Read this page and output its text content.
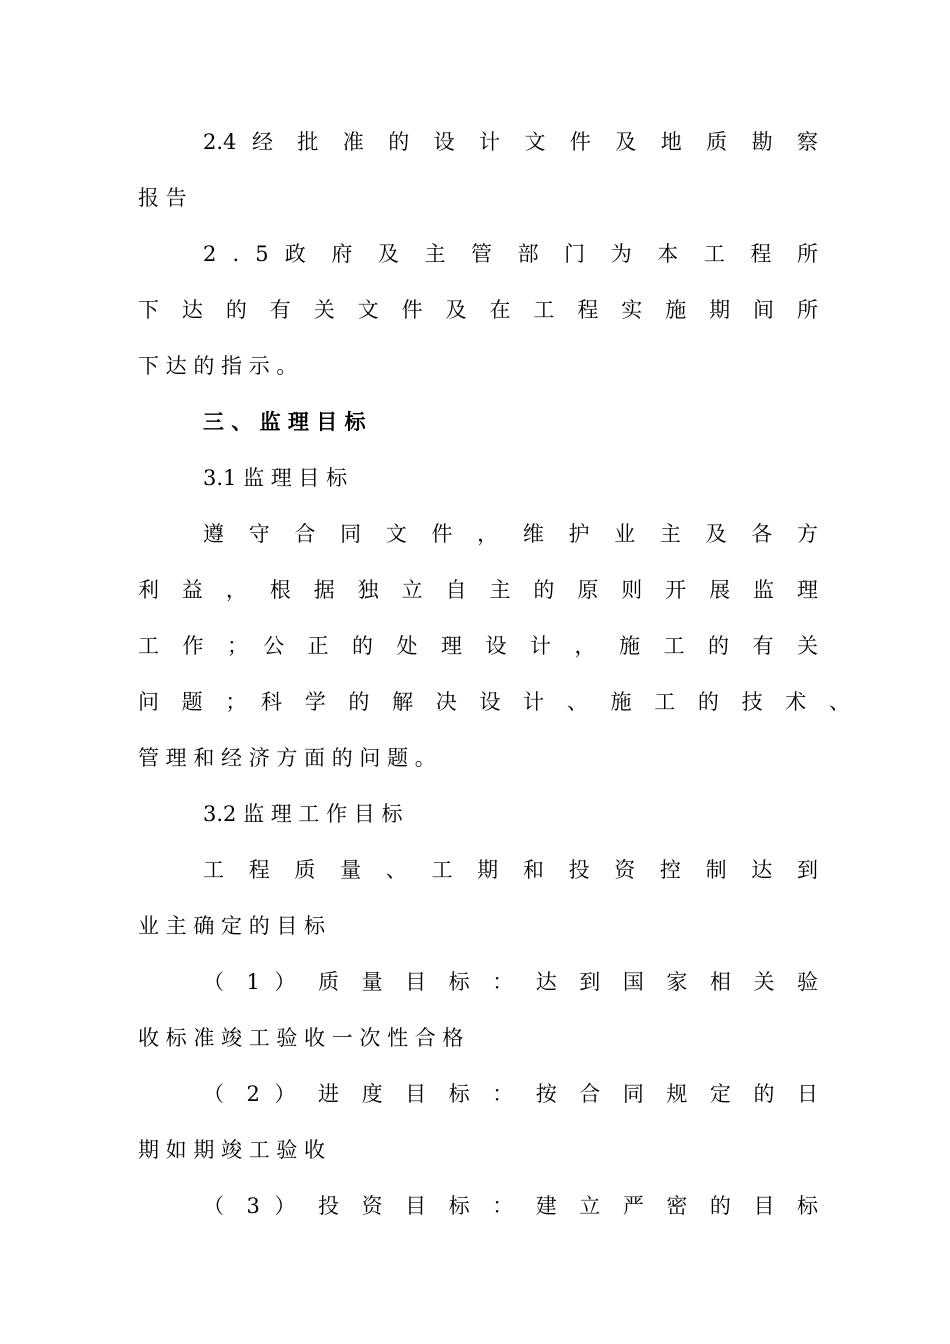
2.4 经 批 准 的 设 计 文 件 及 地 质 勘 察
报 告
2 . 5 政 府 及 主 管 部 门 为 本 工 程 所
下 达 的 有 关 文 件 及 在 工 程 实 施 期 间 所
下 达 的 指 示 。
三 、 监 理 目 标
3.1 监 理 目 标
遵 守 合 同 文 件 ， 维 护 业 主 及 各 方
利 益 ， 根 据 独 立 自 主 的 原 则 开 展 监 理
工 作 ； 公 正 的 处 理 设 计 ， 施 工 的 有 关
问 题 ； 科 学 的 解 决 设 计 、 施 工 的 技 术 、
管 理 和 经 济 方 面 的 问 题 。
3.2 监 理 工 作 目 标
工 程 质 量 、 工 期 和 投 资 控 制 达 到
业 主 确 定 的 目 标
（ 1 ） 质 量 目 标 ： 达 到 国 家 相 关 验
收 标 准 竣 工 验 收 一 次 性 合 格
（ 2 ） 进 度 目 标 ： 按 合 同 规 定 的 日
期 如 期 竣 工 验 收
（ 3 ） 投 资 目 标 ： 建 立 严 密 的 目 标
